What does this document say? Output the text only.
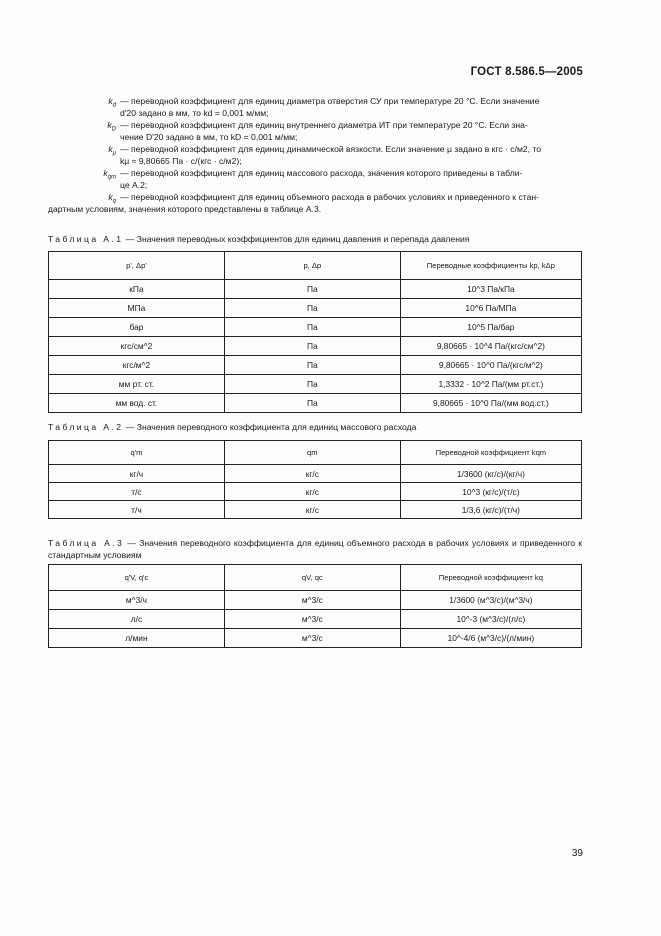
ГОСТ 8.586.5—2005
$k_d$ — переводной коэффициент для единиц диаметра отверстия СУ при температуре 20 °С. Если значение
d'20 задано в мм, то kd = 0,001 м/мм;
$k_D$ — переводной коэффициент для единиц внутреннего диаметра ИТ при температуре 20 °С. Если зна-
чение D'20 задано в мм, то kD = 0,001 м/мм;
$k_\mu$ — переводной коэффициент для единиц динамической вязкости. Если значение μ задано в кгс · с/м2, то
kμ ≈ 9,80665 Па · с/(кгс · с/м2);
$k_{qm}$ — переводной коэффициент для единиц массового расхода, значения которого приведены в табли-
це А.2;
$k_q$ — переводной коэффициент для единиц объемного расхода в рабочих условиях и приведенного к стан-
дартным условиям, значения которого представлены в таблице А.3.
Таблица А.1 — Значения переводных коэффициентов для единиц давления и перепада давления
p', Δp'	p, Δp	Переводные коэффициенты kp, kΔp
кПа	Па	10^3 Па/кПа
МПа	Па	10^6 Па/МПа
бар	Па	10^5 Па/бар
кгс/см^2	Па	9,80665 · 10^4 Па/(кгс/см^2)
кгс/м^2	Па	9,80665 · 10^0 Па/(кгс/м^2)
мм рт. ст.	Па	1,3332 · 10^2 Па/(мм рт.ст.)
мм вод. ст.	Па	9,80665 · 10^0 Па/(мм вод.ст.)
Таблица А.2 — Значения переводного коэффициента для единиц массового расхода
q'm	qm	Переводной коэффициент kqm
кг/ч	кг/с	1/3600 (кг/с)/(кг/ч)
т/с	кг/с	10^3 (кг/с)/(т/с)
т/ч	кг/с	1/3,6 (кг/с)/(т/ч)
Таблица А.3 — Значения переводного коэффициента для единиц объемного расхода в рабочих условиях и приведенного к стандартным условиям
q'V, q'c	qV, qc	Переводной коэффициент kq
м^3/ч	м^3/с	1/3600 (м^3/с)/(м^3/ч)
л/с	м^3/с	10^-3 (м^3/с)/(л/с)
л/мин	м^3/с	10^-4/6 (м^3/с)/(л/мин)
39
